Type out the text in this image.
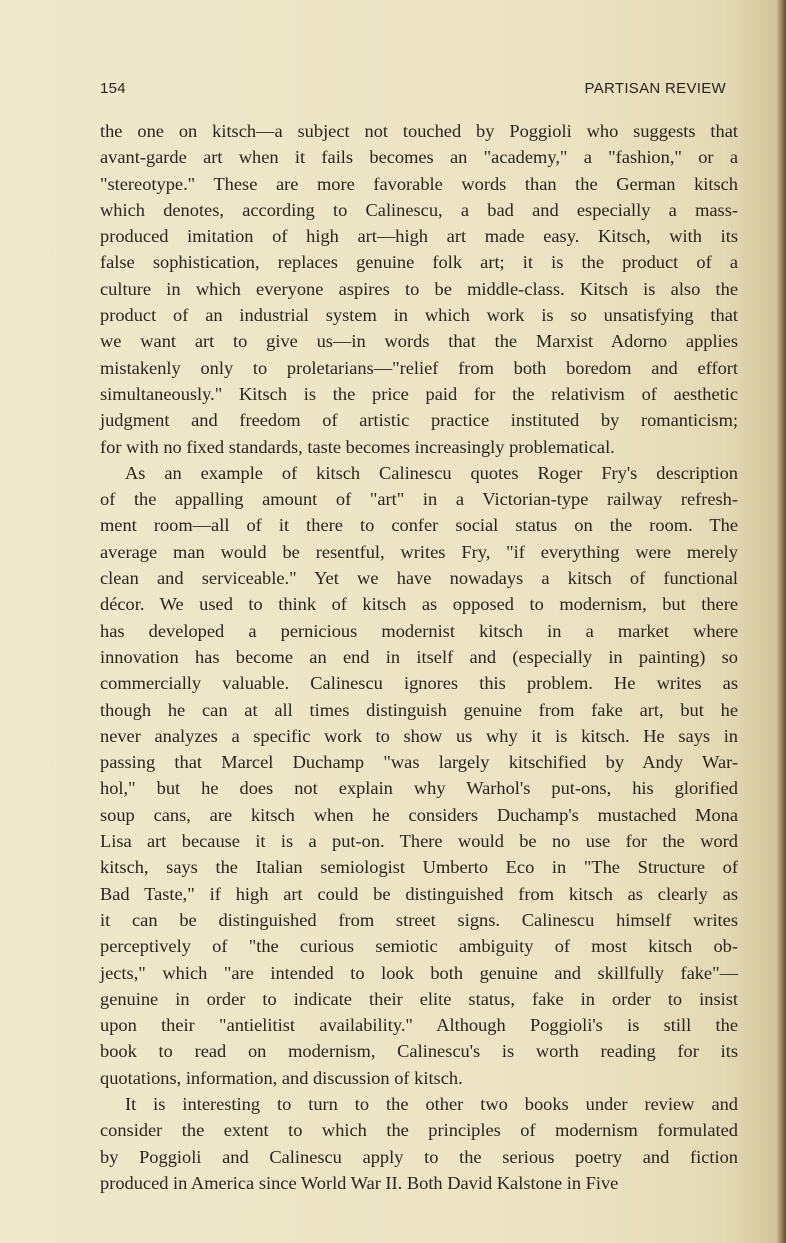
154	PARTISAN REVIEW

the one on kitsch—a subject not touched by Poggioli who suggests that

avant-garde art when it fails becomes an "academy," a "fashion," or a

"stereotype." These are more favorable words than the German kitsch

which denotes, according to Calinescu, a bad and especially a mass-

produced imitation of high art—high art made easy. Kitsch, with its

false sophistication, replaces genuine folk art; it is the product of a

culture in which everyone aspires to be middle-class. Kitsch is also the

product of an industrial system in which work is so unsatisfying that

we want art to give us—in words that the Marxist Adorno applies

mistakenly only to proletarians—"relief from both boredom and effort

simultaneously." Kitsch is the price paid for the relativism of aesthetic

judgment and freedom of artistic practice instituted by romanticism;

for with no fixed standards, taste becomes increasingly problematical.

As an example of kitsch Calinescu quotes Roger Fry's description

of the appalling amount of "art" in a Victorian-type railway refresh-

ment room—all of it there to confer social status on the room. The

average man would be resentful, writes Fry, "if everything were merely

clean and serviceable." Yet we have nowadays a kitsch of functional

décor. We used to think of kitsch as opposed to modernism, but there

has developed a pernicious modernist kitsch in a market where

innovation has become an end in itself and (especially in painting) so

commercially valuable. Calinescu ignores this problem. He writes as

though he can at all times distinguish genuine from fake art, but he

never analyzes a specific work to show us why it is kitsch. He says in

passing that Marcel Duchamp "was largely kitschified by Andy War-

hol," but he does not explain why Warhol's put-ons, his glorified

soup cans, are kitsch when he considers Duchamp's mustached Mona

Lisa art because it is a put-on. There would be no use for the word

kitsch, says the Italian semiologist Umberto Eco in "The Structure of

Bad Taste," if high art could be distinguished from kitsch as clearly as

it can be distinguished from street signs. Calinescu himself writes

perceptively of "the curious semiotic ambiguity of most kitsch ob-

jects," which "are intended to look both genuine and skillfully fake"—

genuine in order to indicate their elite status, fake in order to insist

upon their "antielitist availability." Although Poggioli's is still the

book to read on modernism, Calinescu's is worth reading for its

quotations, information, and discussion of kitsch.

It is interesting to turn to the other two books under review and

consider the extent to which the principles of modernism formulated

by Poggioli and Calinescu apply to the serious poetry and fiction

produced in America since World War II. Both David Kalstone in Five
